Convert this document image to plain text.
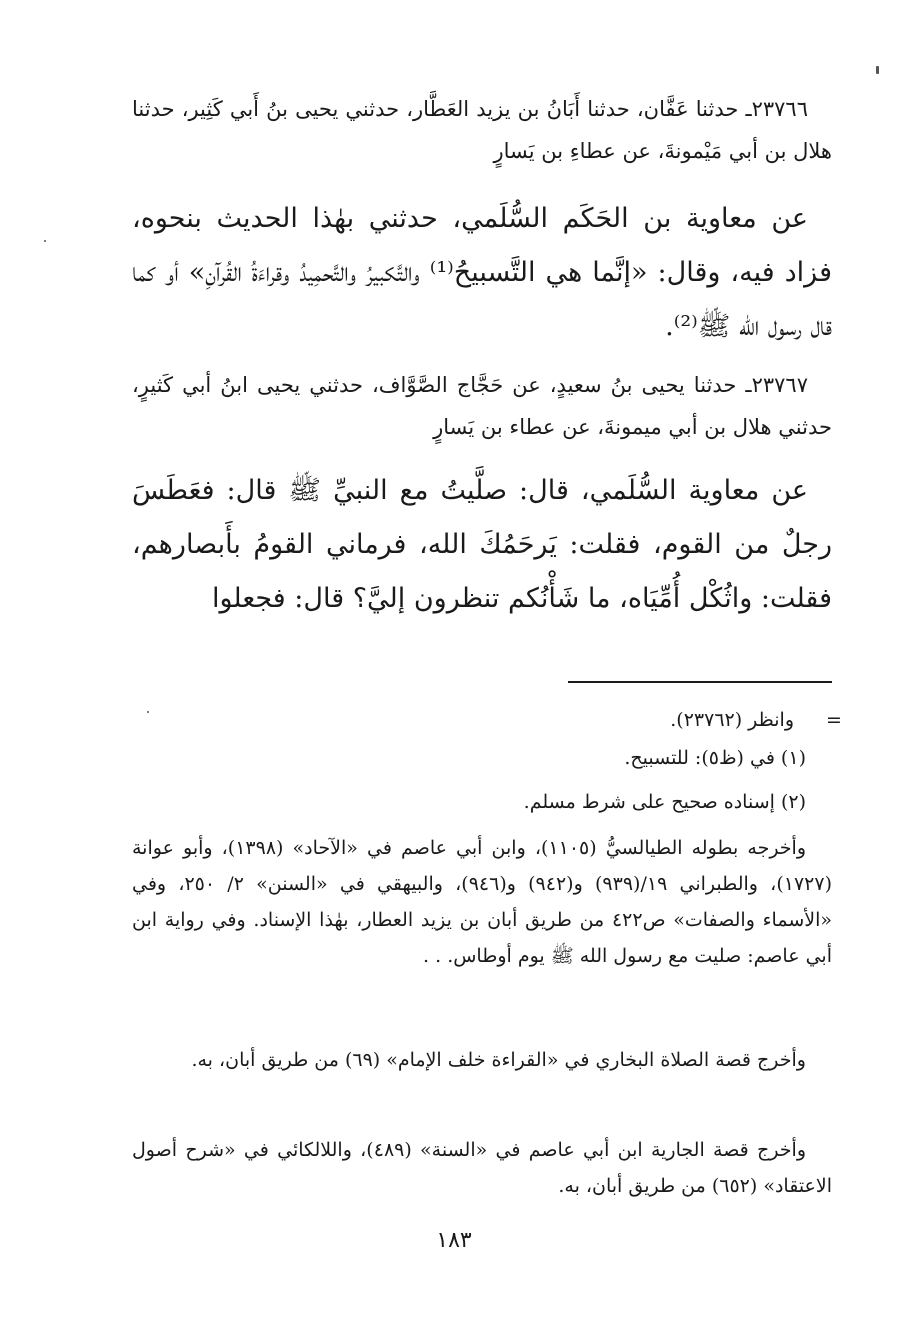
٢٣٧٦٦ـ حدثنا عَفَّان، حدثنا أَبَانُ بن يزيد العَطَّار، حدثني يحيى بنُ أَبي كَثِير، حدثنا هلال بن أبي مَيْمونةَ، عن عطاءِ بن يَسارٍ

عن معاوية بن الحَكَم السُّلَمي، حدثني بهٰذا الحديث بنحوه، فزاد فيه، وقال: «إنَّما هي التَّسبيحُ⁽¹⁾ والتَّكبيرُ والتَّحمِيدُ وقراءَةُ القُرآنِ» أو كما قال رسول الله ﷺ⁽²⁾.

٢٣٧٦٧ـ حدثنا يحيى بنُ سعيدٍ، عن حَجَّاج الصَّوَّاف، حدثني يحيى ابنُ أبي كَثيرٍ، حدثني هلال بن أبي ميمونةَ، عن عطاء بن يَسارٍ

عن معاوية السُّلَمي، قال: صلَّيتُ مع النبيِّ ﷺ قال: فعَطَسَ رجلٌ من القوم، فقلت: يَرحَمُكَ الله، فرماني القومُ بأَبصارهم، فقلت: واثُكْل أُمِّيَاه، ما شَأْنُكم تنظرون إليَّ؟ قال: فجعلوا

=

وانظر (٢٣٧٦٢).

(١) في (ظ٥): للتسبيح.

(٢) إسناده صحيح على شرط مسلم.

وأخرجه بطوله الطيالسيُّ (١١٠٥)، وابن أبي عاصم في «الآحاد» (١٣٩٨)، وأبو عوانة (١٧٢٧)، والطبراني ١٩/(٩٣٩) و(٩٤٢) و(٩٤٦)، والبيهقي في «السنن» ٢/ ٢٥٠، وفي «الأسماء والصفات» ص٤٢٢ من طريق أبان بن يزيد العطار، بهٰذا الإسناد. وفي رواية ابن أبي عاصم: صليت مع رسول الله ﷺ يوم أوطاس. . .

وأخرج قصة الصلاة البخاري في «القراءة خلف الإمام» (٦٩) من طريق أبان، به.

وأخرج قصة الجارية ابن أبي عاصم في «السنة» (٤٨٩)، واللالكائي في «شرح أصول الاعتقاد» (٦٥٢) من طريق أبان، به.

١٨٣
